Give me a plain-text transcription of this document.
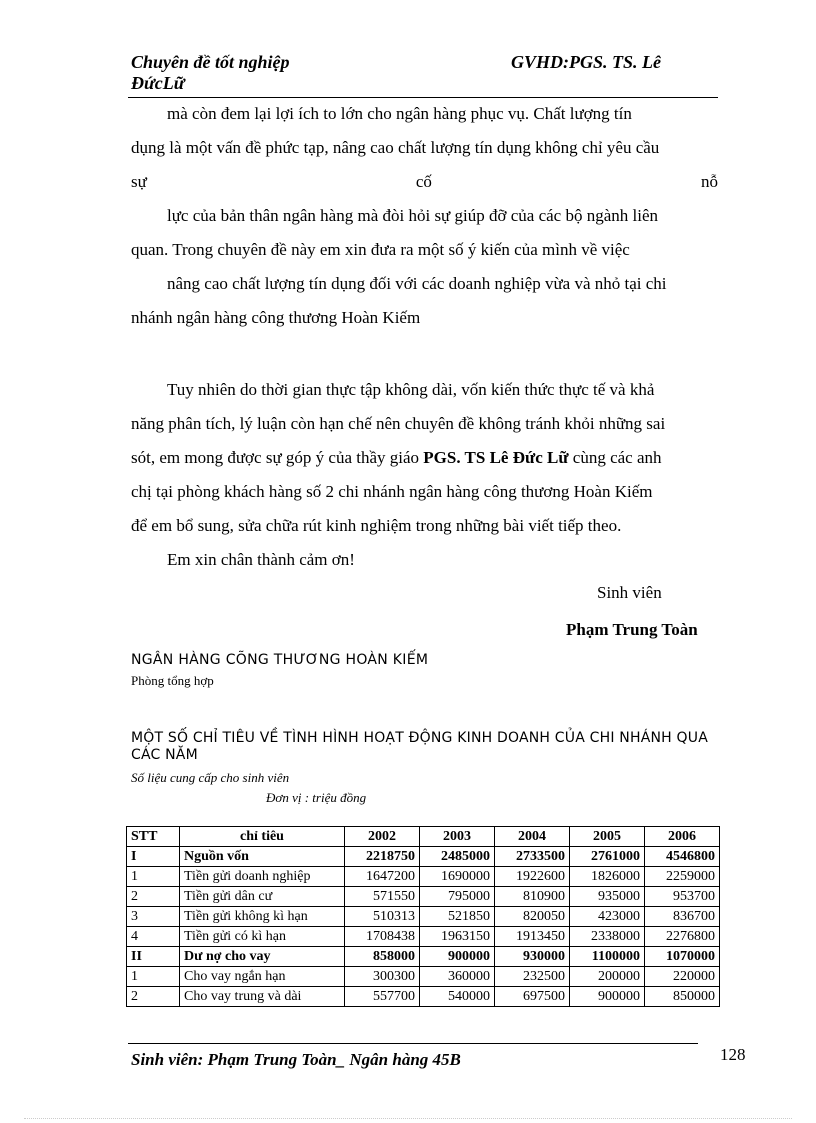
Chuyên đề tốt nghiệp
ĐứcLữ
GVHD:PGS. TS. Lê
mà còn đem lại lợi ích to lớn cho ngân hàng phục vụ. Chất lượng tín
dụng là một vấn đề phức tạp, nâng cao chất lượng tín dụng không chỉ yêu cầu
sự	cố	nỗ
lực của bản thân ngân hàng mà đòi hỏi sự giúp đỡ của các bộ ngành liên
quan. Trong chuyên đề này em xin đưa ra một số ý kiến của mình về việc
nâng cao chất lượng tín dụng đối với các doanh nghiệp vừa và nhỏ tại chi
nhánh ngân hàng công thương Hoàn Kiếm
Tuy nhiên do thời gian thực tập không dài, vốn kiến thức thực tế và khả
năng phân tích, lý luận còn hạn chế nên chuyên đề không tránh khỏi những sai
sót, em mong được sự góp ý của thầy giáo PGS. TS Lê Đức Lữ cùng các anh
chị tại phòng khách hàng số 2 chi nhánh ngân hàng công thương Hoàn Kiếm
để em bổ sung, sửa chữa rút kinh nghiệm trong những bài viết tiếp theo.
Em xin chân thành cảm ơn!
Sinh viên
Phạm Trung Toàn
NGÂN HÀNG CÕNG THƯƠNG HOÀN KIẾM
Phòng tổng hợp
MỘT SỐ CHỈ TIÊU VỀ TÌNH HÌNH HOẠT ĐỘNG KINH DOANH CỦA CHI NHÁNH QUA CÁC NĂM
Số liệu cung cấp cho sinh viên
Đơn vị : triệu đồng
STT	chỉ tiêu	2002	2003	2004	2005	2006
I	Nguồn vốn	2218750	2485000	2733500	2761000	4546800
1	Tiền gửi doanh nghiệp	1647200	1690000	1922600	1826000	2259000
2	Tiền gửi dân cư	571550	795000	810900	935000	953700
3	Tiền gửi không kì hạn	510313	521850	820050	423000	836700
4	Tiền gửi có kì hạn	1708438	1963150	1913450	2338000	2276800
II	Dư nợ cho vay	858000	900000	930000	1100000	1070000
1	Cho vay ngắn hạn	300300	360000	232500	200000	220000
2	Cho vay trung và dài	557700	540000	697500	900000	850000
Sinh viên: Phạm Trung Toàn_ Ngân hàng 45B	128
